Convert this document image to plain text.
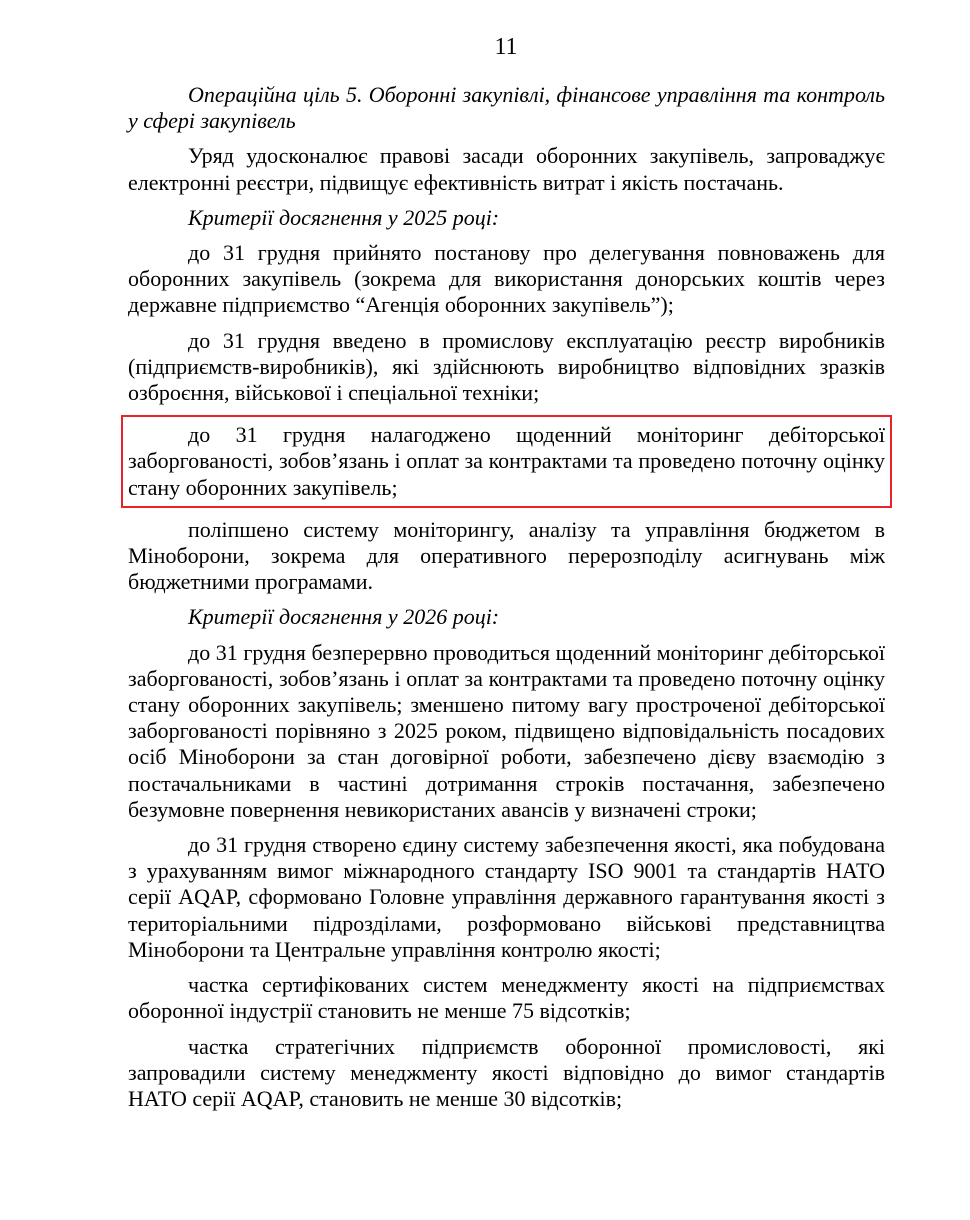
11

Операційна ціль 5. Оборонні закупівлі, фінансове управління та контроль у сфері закупівель

Уряд удосконалює правові засади оборонних закупівель, запроваджує електронні реєстри, підвищує ефективність витрат і якість постачань.

Критерії досягнення у 2025 році:

до 31 грудня прийнято постанову про делегування повноважень для оборонних закупівель (зокрема для використання донорських коштів через державне підприємство “Агенція оборонних закупівель”);

до 31 грудня введено в промислову експлуатацію реєстр виробників (підприємств-виробників), які здійснюють виробництво відповідних зразків озброєння, військової і спеціальної техніки;

до 31 грудня налагоджено щоденний моніторинг дебіторської заборгованості, зобов’язань і оплат за контрактами та проведено поточну оцінку стану оборонних закупівель;

поліпшено систему моніторингу, аналізу та управління бюджетом в Міноборони, зокрема для оперативного перерозподілу асигнувань між бюджетними програмами.

Критерії досягнення у 2026 році:

до 31 грудня безперервно проводиться щоденний моніторинг дебіторської заборгованості, зобов’язань і оплат за контрактами та проведено поточну оцінку стану оборонних закупівель; зменшено питому вагу простроченої дебіторської заборгованості порівняно з 2025 роком, підвищено відповідальність посадових осіб Міноборони за стан договірної роботи, забезпечено дієву взаємодію з постачальниками в частині дотримання строків постачання, забезпечено безумовне повернення невикористаних авансів у визначені строки;

до 31 грудня створено єдину систему забезпечення якості, яка побудована з урахуванням вимог міжнародного стандарту ISO 9001 та стандартів НАТО серії AQAP, сформовано Головне управління державного гарантування якості з територіальними підрозділами, розформовано військові представництва Міноборони та Центральне управління контролю якості;

частка сертифікованих систем менеджменту якості на підприємствах оборонної індустрії становить не менше 75 відсотків;

частка стратегічних підприємств оборонної промисловості, які запровадили систему менеджменту якості відповідно до вимог стандартів НАТО серії AQAP, становить не менше 30 відсотків;
